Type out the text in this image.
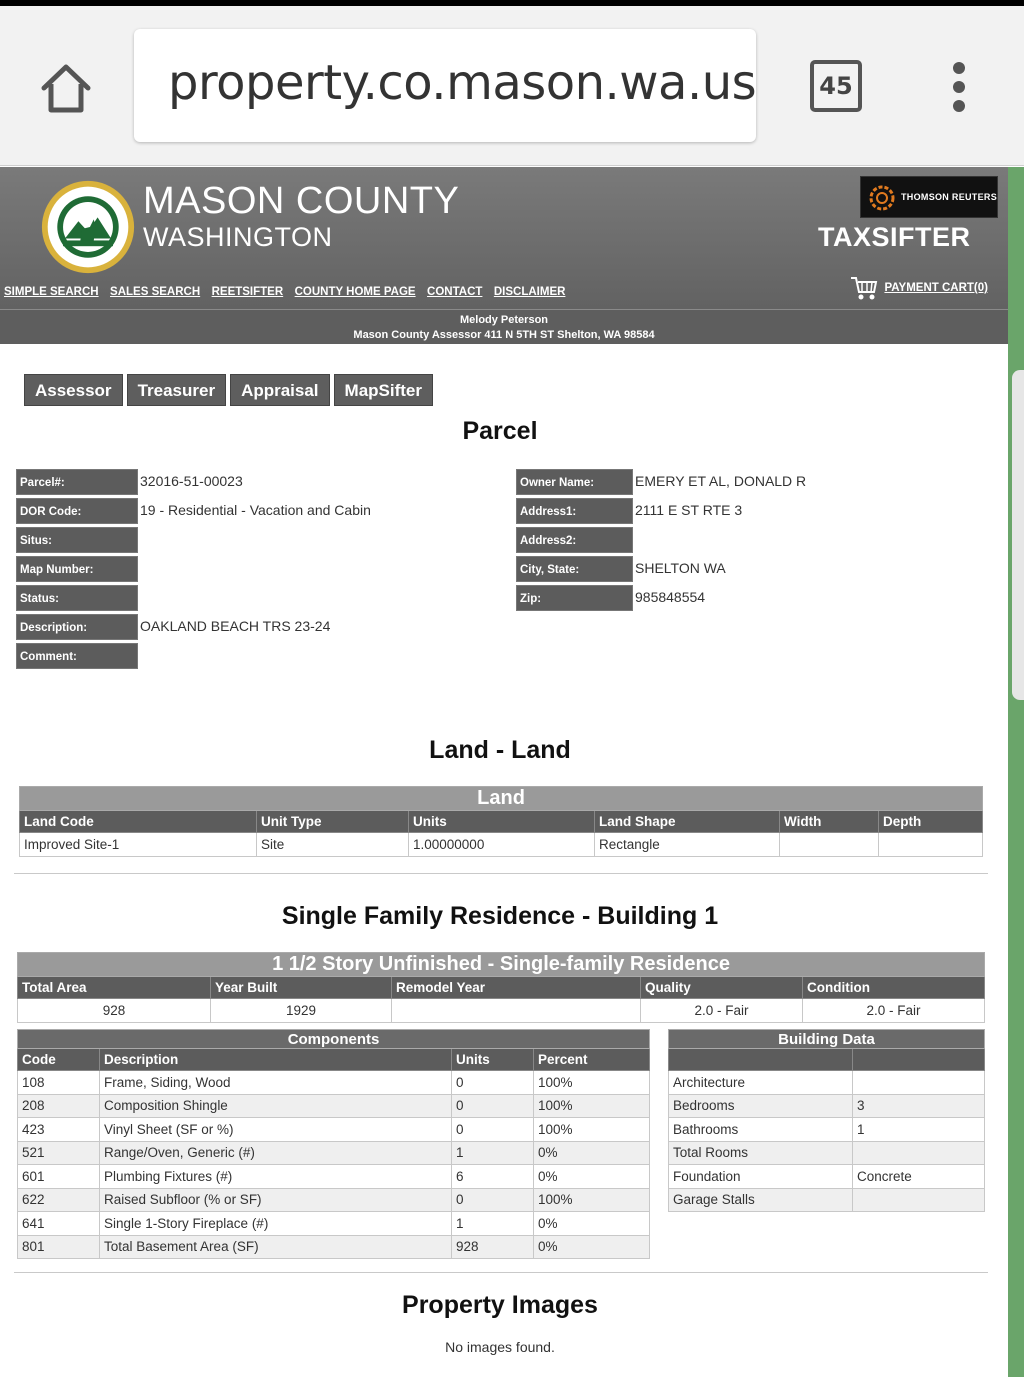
property.co.mason.wa.us	45
MASON COUNTY
WASHINGTON
THOMSON REUTERS
TAXSIFTER
SIMPLE SEARCH SALES SEARCH REETSIFTER COUNTY HOME PAGE CONTACT DISCLAIMER	PAYMENT CART(0)
Melody Peterson
Mason County Assessor 411 N 5TH ST Shelton, WA 98584
Assessor	Treasurer	Appraisal	MapSifter
Parcel
Parcel#:	32016-51-00023
DOR Code:	19 - Residential - Vacation and Cabin
Situs:
Map Number:
Status:
Description:	OAKLAND BEACH TRS 23-24
Comment:
Owner Name:	EMERY ET AL, DONALD R
Address1:	2111 E ST RTE 3
Address2:
City, State:	SHELTON WA
Zip:	985848554
Land - Land
Land					
Land Code	Unit Type	Units	Land Shape	Width	Depth
Improved Site-1	Site	1.00000000	Rectangle		
Single Family Residence - Building 1
1 1/2 Story Unfinished - Single-family Residence				
Total Area	Year Built	Remodel Year	Quality	Condition
928	1929		2.0 - Fair	2.0 - Fair
Components			
Code	Description	Units	Percent
108	Frame, Siding, Wood	0	100%
208	Composition Shingle	0	100%
423	Vinyl Sheet (SF or %)	0	100%
521	Range/Oven, Generic (#)	1	0%
601	Plumbing Fixtures (#)	6	0%
622	Raised Subfloor (% or SF)	0	100%
641	Single 1-Story Fireplace (#)	1	0%
801	Total Basement Area (SF)	928	0%
Building Data	

Architecture	
Bedrooms	3
Bathrooms	1
Total Rooms	
Foundation	Concrete
Garage Stalls	
Property Images
No images found.
